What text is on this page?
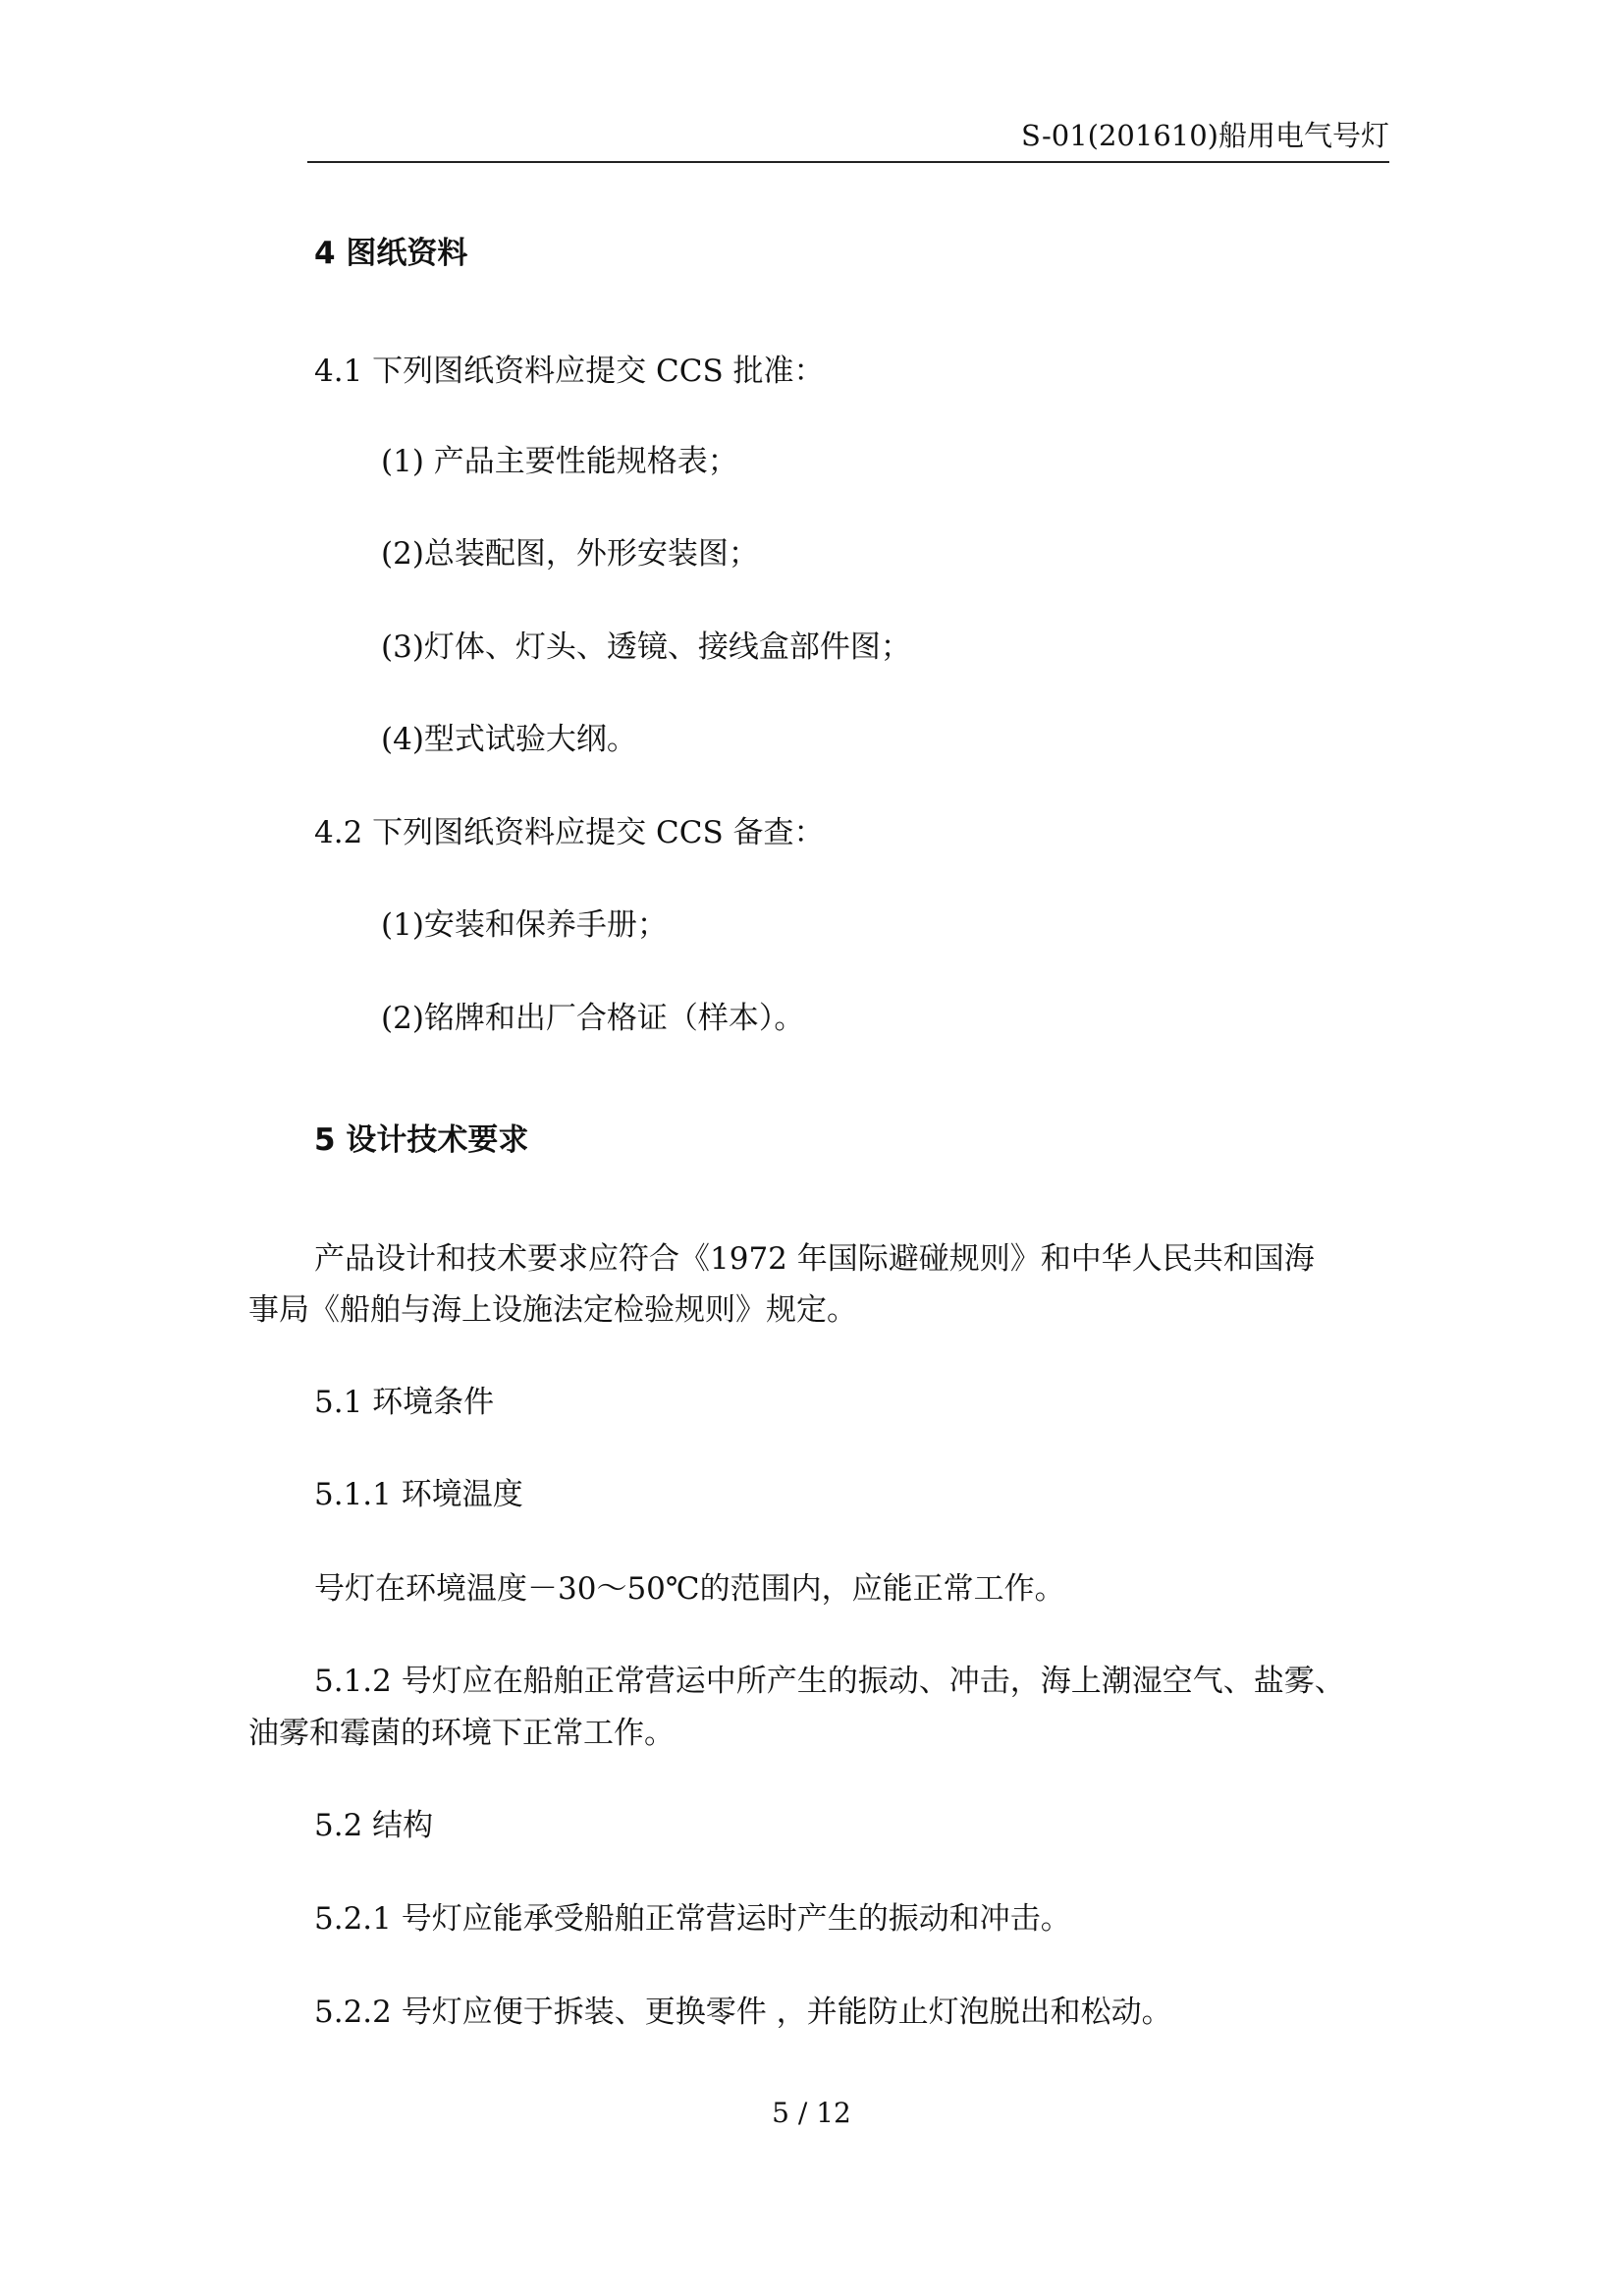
S-01(201610)船用电气号灯
4 图纸资料
4.1 下列图纸资料应提交 CCS 批准：
(1) 产品主要性能规格表；
(2)总装配图，外形安装图；
(3)灯体、灯头、透镜、接线盒部件图；
(4)型式试验大纲。
4.2 下列图纸资料应提交 CCS 备查：
(1)安装和保养手册；
(2)铭牌和出厂合格证（样本）。
5 设计技术要求
产品设计和技术要求应符合《1972 年国际避碰规则》和中华人民共和国海
事局《船舶与海上设施法定检验规则》规定。
5.1 环境条件
5.1.1 环境温度
号灯在环境温度－30～50℃的范围内，应能正常工作。
5.1.2 号灯应在船舶正常营运中所产生的振动、冲击，海上潮湿空气、盐雾、
油雾和霉菌的环境下正常工作。
5.2 结构
5.2.1 号灯应能承受船舶正常营运时产生的振动和冲击。
5.2.2 号灯应便于拆装、更换零件 ，并能防止灯泡脱出和松动。
5 / 12
